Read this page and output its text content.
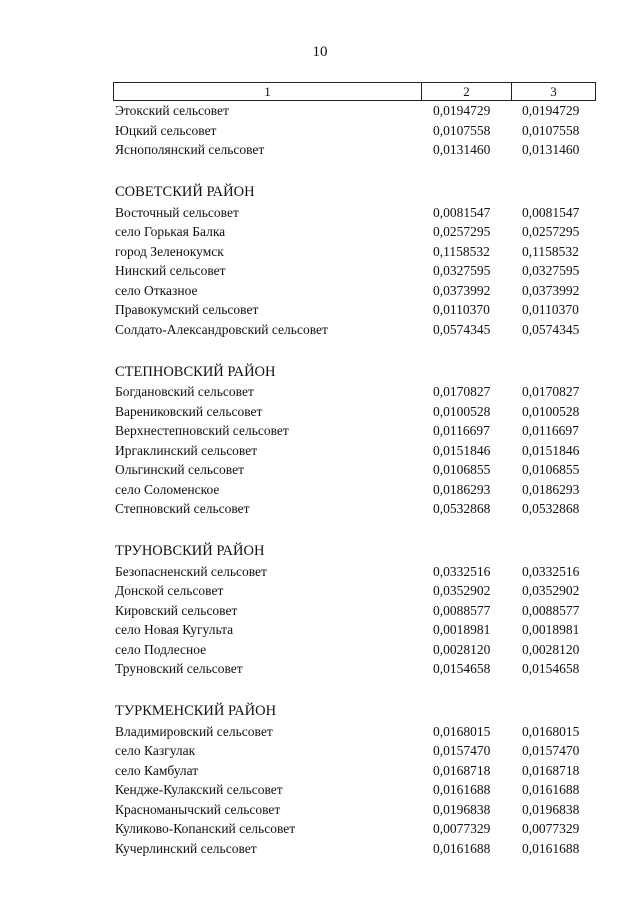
10
1	2	3
Этокский сельсовет	0,0194729	0,0194729
Юцкий сельсовет	0,0107558	0,0107558
Яснополянский сельсовет	0,0131460	0,0131460
СОВЕТСКИЙ РАЙОН
Восточный сельсовет	0,0081547	0,0081547
село Горькая Балка	0,0257295	0,0257295
город Зеленокумск	0,1158532	0,1158532
Нинский сельсовет	0,0327595	0,0327595
село Отказное	0,0373992	0,0373992
Правокумский сельсовет	0,0110370	0,0110370
Солдато-Александровский сельсовет	0,0574345	0,0574345
СТЕПНОВСКИЙ РАЙОН
Богдановский сельсовет	0,0170827	0,0170827
Варениковский сельсовет	0,0100528	0,0100528
Верхнестепновский сельсовет	0,0116697	0,0116697
Иргаклинский сельсовет	0,0151846	0,0151846
Ольгинский сельсовет	0,0106855	0,0106855
село Соломенское	0,0186293	0,0186293
Степновский сельсовет	0,0532868	0,0532868
ТРУНОВСКИЙ РАЙОН
Безопасненский сельсовет	0,0332516	0,0332516
Донской сельсовет	0,0352902	0,0352902
Кировский сельсовет	0,0088577	0,0088577
село Новая Кугульта	0,0018981	0,0018981
село Подлесное	0,0028120	0,0028120
Труновский сельсовет	0,0154658	0,0154658
ТУРКМЕНСКИЙ РАЙОН
Владимировский сельсовет	0,0168015	0,0168015
село Казгулак	0,0157470	0,0157470
село Камбулат	0,0168718	0,0168718
Кендже-Кулакский сельсовет	0,0161688	0,0161688
Красноманычский сельсовет	0,0196838	0,0196838
Куликово-Копанский сельсовет	0,0077329	0,0077329
Кучерлинский сельсовет	0,0161688	0,0161688
